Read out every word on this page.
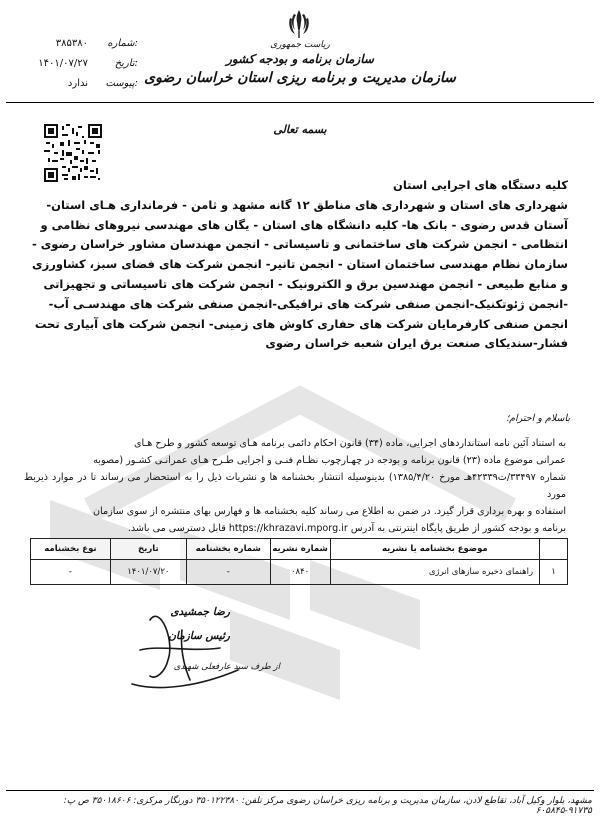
ریاست جمهوری
سازمان برنامه و بودجه کشور
سازمان مدیریت و برنامه ریزی استان خراسان رضوی
شماره:
۳۸۵۳۸۰
تاریخ:
۱۴۰۱/۰۷/۲۷
پیوست:
ندارد
بسمه تعالی
کلیه دستگاه های اجرایی استان
شهرداری های استان و شهرداری های مناطق ۱۲ گانه مشهد و ثامن - فرمانداری هـای استان-
آستان قدس رضوی - بانک ها- کلیه دانشگاه های استان - یگان های مهندسی نیروهای نظامی و
انتظامی - انجمن شرکت های ساختمانی و تاسیساتی - انجمن مهندسان مشاور خراسان رضوی -
سازمان نظام مهندسی ساختمان استان - انجمن تانیر- انجمن شرکت های فضای سبز، کشاورزی
و منابع طبیعی - انجمن مهندسین برق و الکترونیک - انجمن شرکت های تاسیساتی و تجهیزاتی
-انجمن ژئوتکنیک-انجمن صنفی شرکت های ترافیکی-انجمن صنفی شرکت های مهندسـی آب-
انجمن صنفی کارفرمایان شرکت های حفاری کاوش های زمینی- انجمن شرکت های آبیاری تحت
فشار-سندیکای صنعت برق ایران شعبه خراسان رضوی
باسلام و احترام؛
به استناد آئین نامه استانداردهای اجرایی، ماده (۳۴) قانون احکام دائمی برنامه هـای توسعه کشور و طرح هـای
عمرانی موضوع ماده (۲۳) قانون برنامه و بودجه در چهـارچوب نظـام فنـی و اجرایی طـرح هـای عمرانـی کشـور (مصوبه
شماره ۳۳۴۹۷/ت۴۲۳۳۹هـ مورخ ۱۳۸۵/۴/۲۰) بدینوسیله انتشار بخشنامه ها و نشریات ذیل را به استحضار می رساند تا در موارد ذیربط مورد
استفاده و بهره برداری قرار گیرد. در ضمن به اطلاع می رساند کلیه بخشنامه ها و فهارس بهای منتشره از سوی سازمان
برنامه و بودجه کشور از طریق پایگاه اینترنتی به آدرس https://khrazavi.mporg.ir قابل دسترسی می باشد.
	موضوع بخشنامه یا نشریه	شماره نشریه	شماره بخشنامه	تاریخ	نوع بخشنامه
۱	راهنمای ذخیره سازهای انرژی	۰۸۴۰	-	۱۴۰۱/۰۷/۲۰	-
رضا جمشیدی
رئیس سازمان
از طرف سید عارفعلی شهیدی
مشهد، بلوار وکیل آباد، تقاطع لادن، سازمان مدیریت و برنامه ریزی خراسان رضوی مرکز تلفن: ۳۵۰۱۲۲۳۸۰ دورنگار مرکزی: ۳۵۰۱۸۶۰۶ ص پ: ۹۱۷۳۵-۶۰۵۸۴۵
